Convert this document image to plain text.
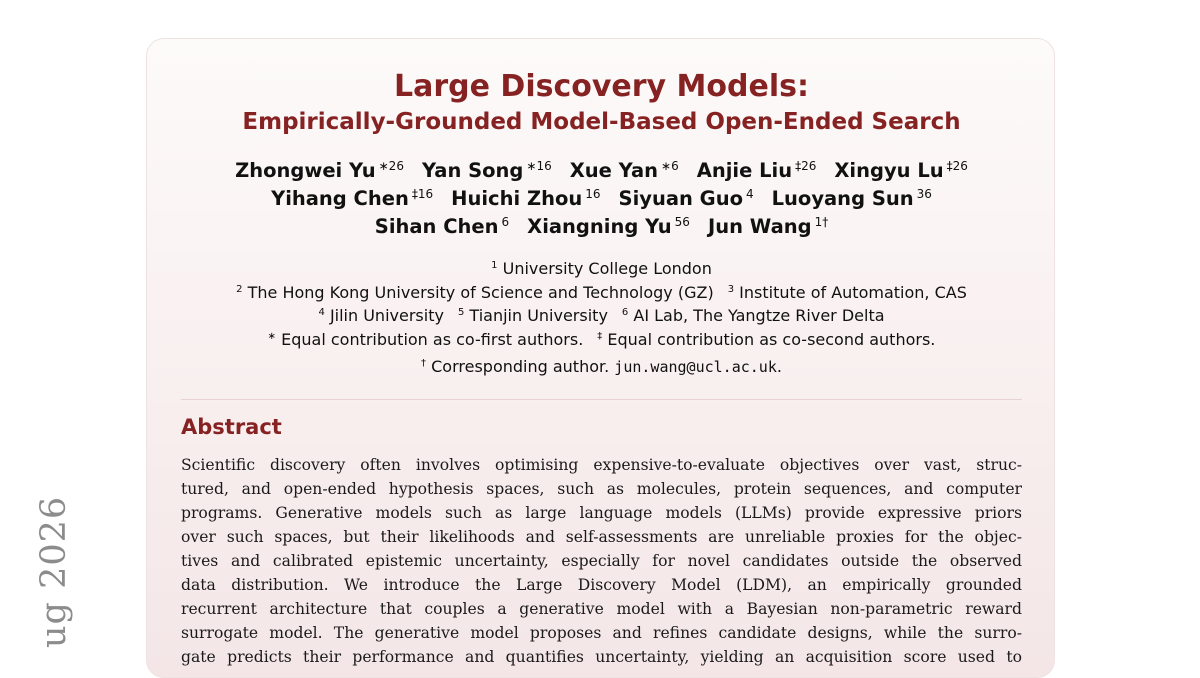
ug 2026
Large Discovery Models:
Empirically-Grounded Model-Based Open-Ended Search
Zhongwei Yu $^{∗26}$ Yan Song $^{∗16}$ Xue Yan $^{∗6}$ Anjie Liu $^{\ddagger 26}$ Xingyu Lu $^{\ddagger 26}$
Yihang Chen $^{\ddagger 16}$ Huichi Zhou $^{16}$ Siyuan Guo $^4$ Luoyang Sun $^{36}$
Sihan Chen $^6$ Xiangning Yu $^{56}$ Jun Wang $^{1\dagger}$
$^1$ University College London
$^2$ The Hong Kong University of Science and Technology (GZ) $^3$ Institute of Automation, CAS
$^4$ Jilin University $^5$ Tianjin University $^6$ AI Lab, The Yangtze River Delta
∗ Equal contribution as co-first authors. ‡ Equal contribution as co-second authors.
† Corresponding author. jun.wang@ucl.ac.uk.
Abstract
Scientific discovery often involves optimising expensive-to-evaluate objectives over vast, struc-
tured, and open-ended hypothesis spaces, such as molecules, protein sequences, and computer
programs. Generative models such as large language models (LLMs) provide expressive priors
over such spaces, but their likelihoods and self-assessments are unreliable proxies for the objec-
tives and calibrated epistemic uncertainty, especially for novel candidates outside the observed
data distribution. We introduce the Large Discovery Model (LDM), an empirically grounded
recurrent architecture that couples a generative model with a Bayesian non-parametric reward
surrogate model. The generative model proposes and refines candidate designs, while the surro-
gate predicts their performance and quantifies uncertainty, yielding an acquisition score used to
